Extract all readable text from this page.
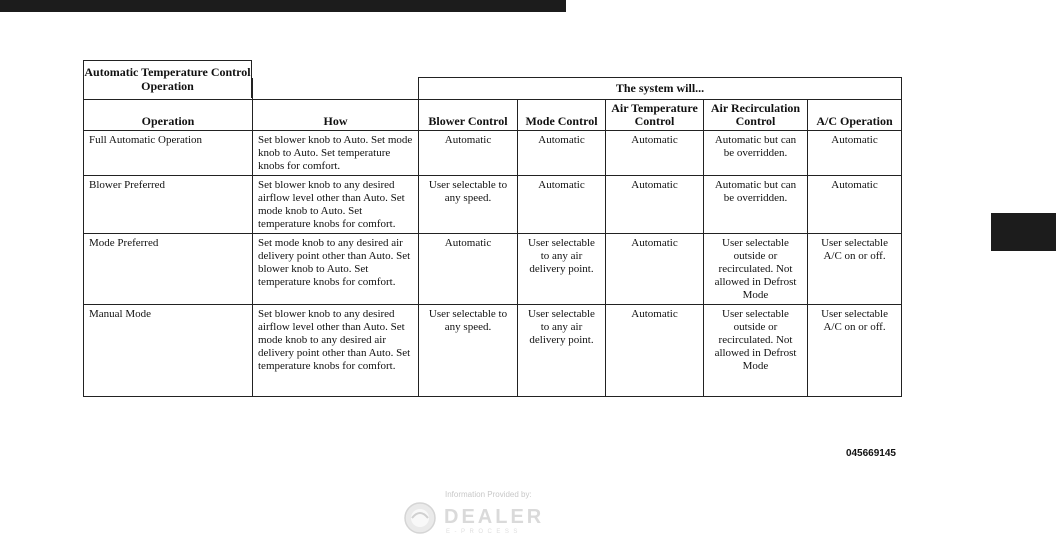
Automatic Temperature Control Operation
			The system will...				
Operation	How	Blower Control	Mode Control	Air Temperature Control	Air Recirculation Control	A/C Operation
Full Automatic Operation	Set blower knob to Auto. Set mode knob to Auto. Set temperature knobs for comfort.	Automatic	Automatic	Automatic	Automatic but can be overridden.	Automatic
Blower Preferred	Set blower knob to any desired airflow level other than Auto. Set mode knob to Auto. Set temperature knobs for comfort.	User selectable to any speed.	Automatic	Automatic	Automatic but can be overridden.	Automatic
Mode Preferred	Set mode knob to any desired air delivery point other than Auto. Set blower knob to Auto. Set temperature knobs for comfort.	Automatic	User selectable to any air delivery point.	Automatic	User selectable outside or recirculated. Not allowed in Defrost Mode	User selectable A/C on or off.
Manual Mode	Set blower knob to any desired airflow level other than Auto. Set mode knob to any desired air delivery point other than Auto. Set temperature knobs for comfort.	User selectable to any speed.	User selectable to any air delivery point.	Automatic	User selectable outside or recirculated. Not allowed in Defrost Mode	User selectable A/C on or off.
045669145
Information Provided by:
DEALER
E-PROCESS
